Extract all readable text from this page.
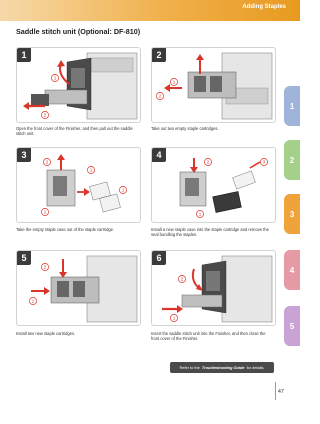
Adding Staples
Saddle stitch unit (Optional: DF-810)
1
2
1
Open the front cover of the Finisher, and then pull out the saddle stitch unit.
1
2
2
Take out two empty staple cartridges.
2
1
1
1
3
Take the empty staple case out of the staple cartridge.
2	3
1
4
Install a new staple case into the staple cartridge and remove the seal bundling the staples.
2
1
5
Install two new staple cartridges.
2
1
6
Insert the saddle stitch unit into the Finisher, and then close the front cover of the Finisher.
1
2
3
4
5
Refer to the Troubleshooting Guide for details.
47
